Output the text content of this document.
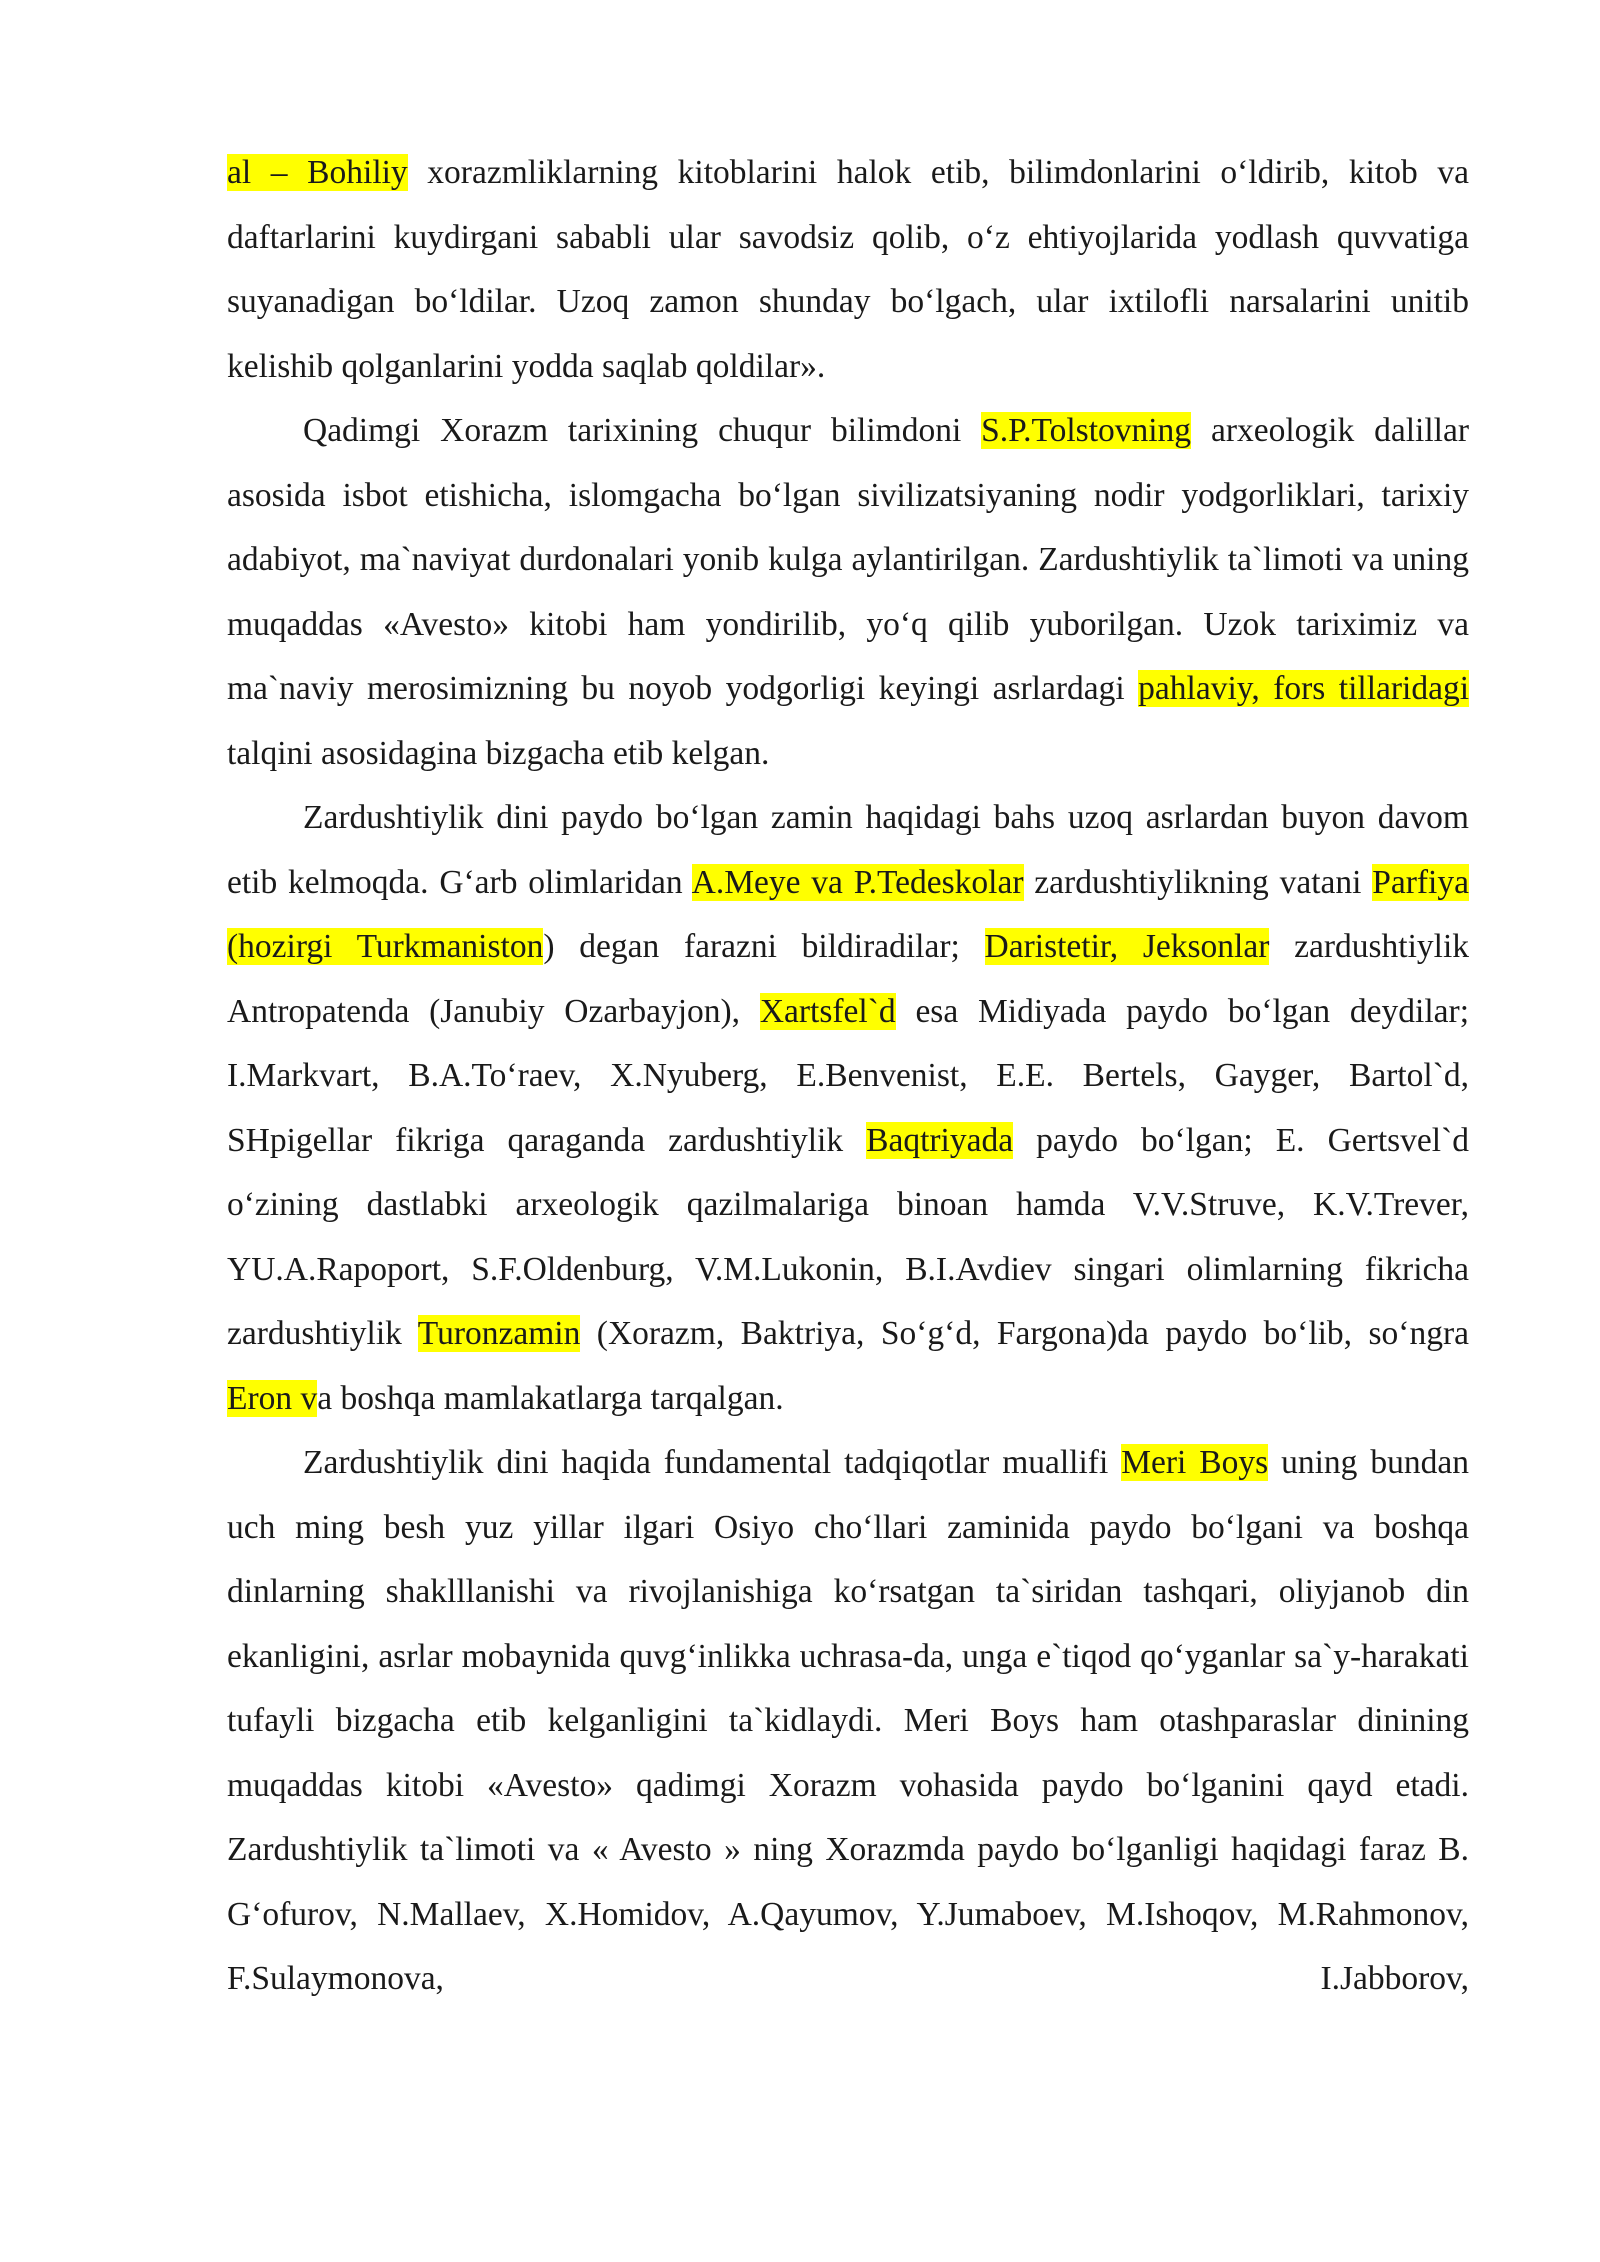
al – Bohiliy xorazmliklarning kitoblarini halok etib, bilimdonlarini o‘ldirib, kitob va daftarlarini kuydirgani sababli ular savodsiz qolib, o‘z ehtiyojlarida yodlash quvvatiga suyanadigan bo‘ldilar. Uzoq zamon shunday bo‘lgach, ular ixtilofli narsalarini unitib kelishib qolganlarini yodda saqlab qoldilar».

Qadimgi Xorazm tarixining chuqur bilimdoni S.P.Tolstovning arxeologik dalillar asosida isbot etishicha, islomgacha bo‘lgan sivilizatsiyaning nodir yodgorliklari, tarixiy adabiyot, ma`naviyat durdonalari yonib kulga aylantirilgan. Zardushtiylik ta`limoti va uning muqaddas «Avesto» kitobi ham yondirilib, yo‘q qilib yuborilgan. Uzok tariximiz va ma`naviy merosimizning bu noyob yodgorligi keyingi asrlardagi pahlaviy, fors tillaridagi talqini asosidagina bizgacha etib kelgan.

Zardushtiylik dini paydo bo‘lgan zamin haqidagi bahs uzoq asrlardan buyon davom etib kelmoqda. G‘arb olimlaridan A.Meye va P.Tedeskolar zardushtiylikning vatani Parfiya (hozirgi Turkmaniston) degan farazni bildiradilar; Daristetir, Jeksonlar zardushtiylik Antropatenda (Janubiy Ozarbayjon), Xartsfel`d esa Midiyada paydo bo‘lgan deydilar; I.Markvart, B.A.To‘raev, X.Nyuberg, E.Benvenist, E.E. Bertels, Gayger, Bartol`d, SHpigellar fikriga qaraganda zardushtiylik Baqtriyada paydo bo‘lgan; E. Gertsvel`d o‘zining dastlabki arxeologik qazilmalariga binoan hamda V.V.Struve, K.V.Trever, YU.A.Rapoport, S.F.Oldenburg, V.M.Lukonin, B.I.Avdiev singari olimlarning fikricha zardushtiylik Turonzamin (Xorazm, Baktriya, So‘g‘d, Fargona)da paydo bo‘lib, so‘ngra Eron va boshqa mamlakatlarga tarqalgan.

Zardushtiylik dini haqida fundamental tadqiqotlar muallifi Meri Boys uning bundan uch ming besh yuz yillar ilgari Osiyo cho‘llari zaminida paydo bo‘lgani va boshqa dinlarning shaklllanishi va rivojlanishiga ko‘rsatgan ta`siridan tashqari, oliyjanob din ekanligini, asrlar mobaynida quvg‘inlikka uchrasa-da, unga e`tiqod qo‘yganlar sa`y-harakati tufayli bizgacha etib kelganligini ta`kidlaydi. Meri Boys ham otashparaslar dinining muqaddas kitobi «Avesto» qadimgi Xorazm vohasida paydo bo‘lganini qayd etadi. Zardushtiylik ta`limoti va « Avesto » ning Xorazmda paydo bo‘lganligi haqidagi faraz B. G‘ofurov, N.Mallaev, X.Homidov, A.Qayumov, Y.Jumaboev, M.Ishoqov, M.Rahmonov, F.Sulaymonova, I.Jabborov,
